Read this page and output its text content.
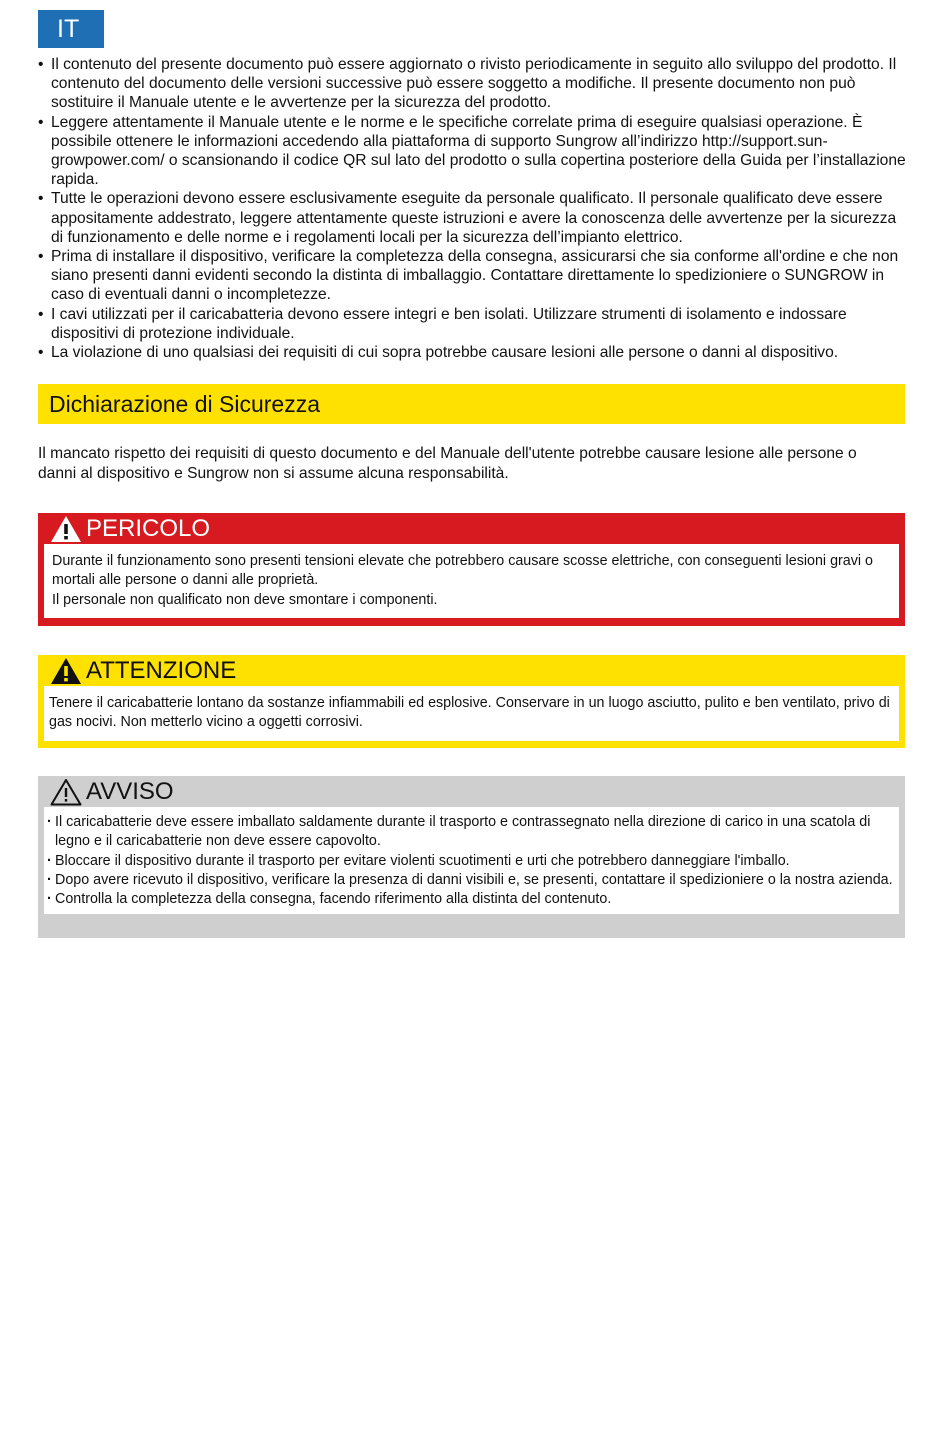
IT
• Il contenuto del presente documento può essere aggiornato o rivisto periodicamente in seguito allo sviluppo del prodotto. Il contenuto del documento delle versioni successive può essere soggetto a modifiche. Il presente documento non può sostituire il Manuale utente e le avvertenze per la sicurezza del prodotto.
• Leggere attentamente il Manuale utente e le norme e le specifiche correlate prima di eseguire qualsiasi operazione. È possibile ottenere le informazioni accedendo alla piattaforma di supporto Sungrow all’indirizzo http://support.sun-growpower.com/ o scansionando il codice QR sul lato del prodotto o sulla copertina posteriore della Guida per l’installazione rapida.
• Tutte le operazioni devono essere esclusivamente eseguite da personale qualificato. Il personale qualificato deve essere appositamente addestrato, leggere attentamente queste istruzioni e avere la conoscenza delle avvertenze per la sicurezza di funzionamento e delle norme e i regolamenti locali per la sicurezza dell’impianto elettrico.
• Prima di installare il dispositivo, verificare la completezza della consegna, assicurarsi che sia conforme all'ordine e che non siano presenti danni evidenti secondo la distinta di imballaggio. Contattare direttamente lo spedizioniere o SUNGROW in caso di eventuali danni o incompletezze.
• I cavi utilizzati per il caricabatteria devono essere integri e ben isolati. Utilizzare strumenti di isolamento e indossare dispositivi di protezione individuale.
• La violazione di uno qualsiasi dei requisiti di cui sopra potrebbe causare lesioni alle persone o danni al dispositivo.
Dichiarazione di Sicurezza

Il mancato rispetto dei requisiti di questo documento e del Manuale dell'utente potrebbe causare lesione alle persone o danni al dispositivo e Sungrow non si assume alcuna responsabilità.

PERICOLO
Durante il funzionamento sono presenti tensioni elevate che potrebbero causare scosse elettriche, con conseguenti lesioni gravi o mortali alle persone o danni alle proprietà.
Il personale non qualificato non deve smontare i componenti.
ATTENZIONE
Tenere il caricabatterie lontano da sostanze infiammabili ed esplosive. Conservare in un luogo asciutto, pulito e ben ventilato, privo di gas nocivi. Non metterlo vicino a oggetti corrosivi.
AVVISO
· Il caricabatterie deve essere imballato saldamente durante il trasporto e contrassegnato nella direzione di carico in una scatola di legno e il caricabatterie non deve essere capovolto.
· Bloccare il dispositivo durante il trasporto per evitare violenti scuotimenti e urti che potrebbero danneggiare l'imballo.
· Dopo avere ricevuto il dispositivo, verificare la presenza di danni visibili e, se presenti, contattare il spedizioniere o la nostra azienda.
· Controlla la completezza della consegna, facendo riferimento alla distinta del contenuto.
